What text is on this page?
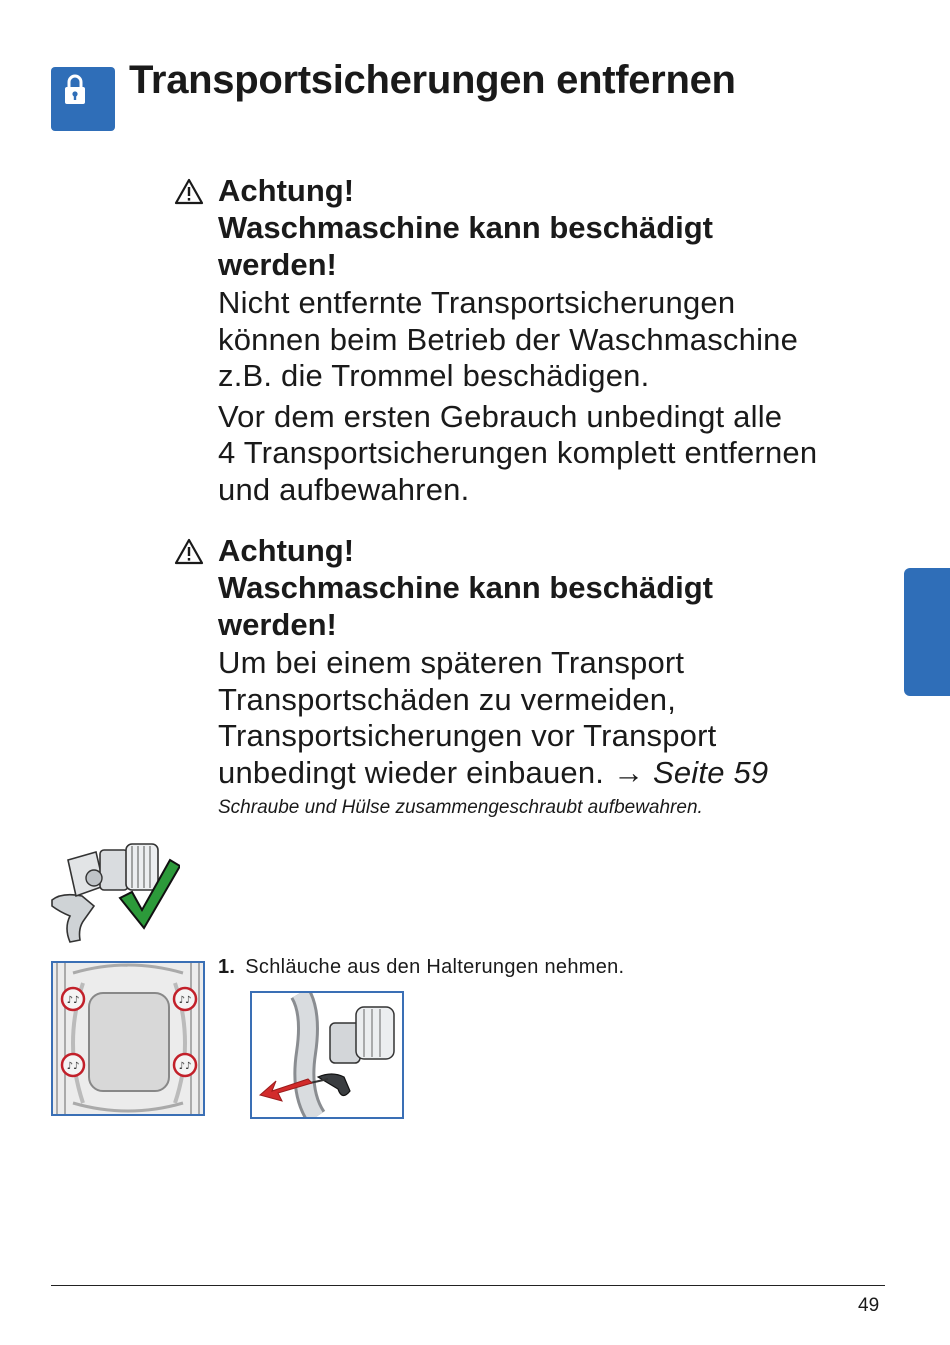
Transportsicherungen entfernen
Achtung!
Waschmaschine kann beschädigt
werden!

Nicht entfernte Transportsicherungen
können beim Betrieb der Waschmaschine
z.B. die Trommel beschädigen.

Vor dem ersten Gebrauch unbedingt alle
4 Transportsicherungen komplett entfernen
und aufbewahren.

Achtung!
Waschmaschine kann beschädigt
werden!

Um bei einem späteren Transport
Transportschäden zu vermeiden,
Transportsicherungen vor Transport
unbedingt wieder einbauen. → Seite 59

Schraube und Hülse zusammengeschraubt aufbewahren.
1. Schläuche aus den Halterungen nehmen.
♪♪	♪♪
♪♪	♪♪
49
